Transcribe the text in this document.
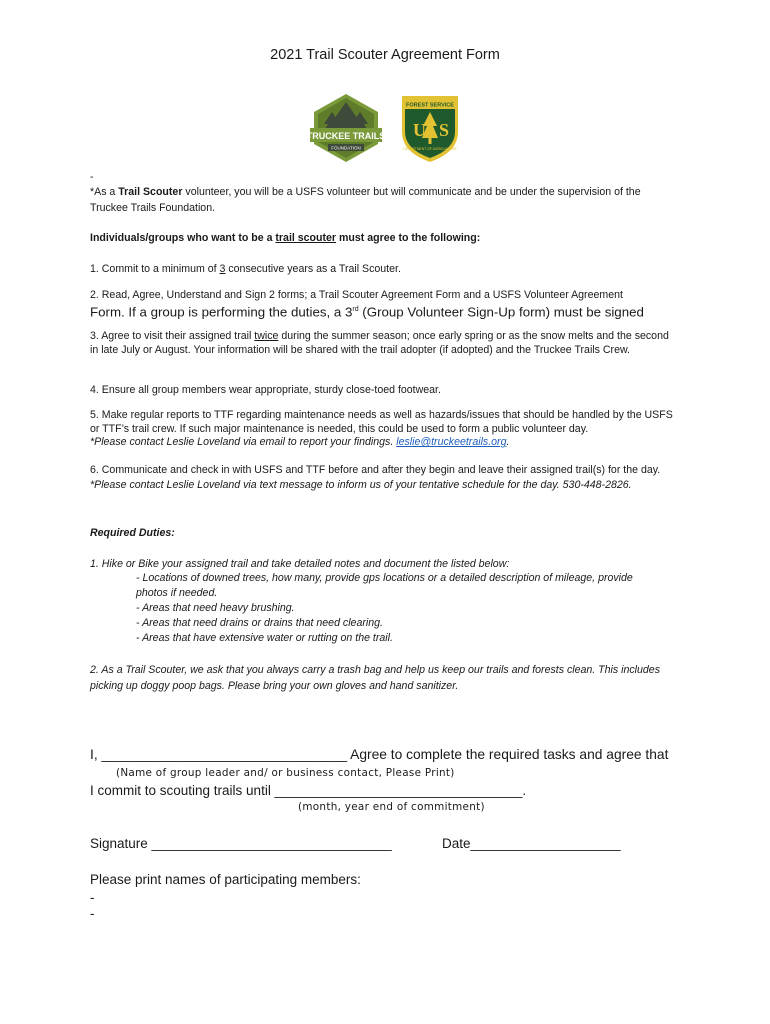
2021 Trail Scouter Agreement Form
TRUCKEE TRAILS
FOUNDATION
FOREST SERVICE
U S
DEPARTMENT OF AGRICULTURE
-
*As a Trail Scouter volunteer, you will be a USFS volunteer but will communicate and be under the supervision of the Truckee Trails Foundation.
Individuals/groups who want to be a trail scouter must agree to the following:
1. Commit to a minimum of 3 consecutive years as a Trail Scouter.
2. Read, Agree, Understand and Sign 2 forms; a Trail Scouter Agreement Form and a USFS Volunteer Agreement
Form. If a group is performing the duties, a 3rd (Group Volunteer Sign-Up form) must be signed
3. Agree to visit their assigned trail twice during the summer season; once early spring or as the snow melts and the second in late July or August. Your information will be shared with the trail adopter (if adopted) and the Truckee Trails Crew.
4. Ensure all group members wear appropriate, sturdy close-toed footwear.
5. Make regular reports to TTF regarding maintenance needs as well as hazards/issues that should be handled by the USFS or TTF’s trail crew. If such major maintenance is needed, this could be used to form a public volunteer day.
*Please contact Leslie Loveland via email to report your findings. leslie@truckeetrails.org.
6. Communicate and check in with USFS and TTF before and after they begin and leave their assigned trail(s) for the day.
*Please contact Leslie Loveland via text message to inform us of your tentative schedule for the day. 530-448-2826.
Required Duties:
1. Hike or Bike your assigned trail and take detailed notes and document the listed below:
- Locations of downed trees, how many, provide gps locations or a detailed description of mileage, provide photos if needed.
- Areas that need heavy brushing.
- Areas that need drains or drains that need clearing.
- Areas that have extensive water or rutting on the trail.
2. As a Trail Scouter, we ask that you always carry a trash bag and help us keep our trails and forests clean. This includes picking up doggy poop bags. Please bring your own gloves and hand sanitizer.
I, ________________________________ Agree to complete the required tasks and agree that
(Name of group leader and/ or business contact, Please Print)
I commit to scouting trails until _________________________________.
(month, year end of commitment)
Signature ________________________________	Date____________________
Please print names of participating members:
-
-
